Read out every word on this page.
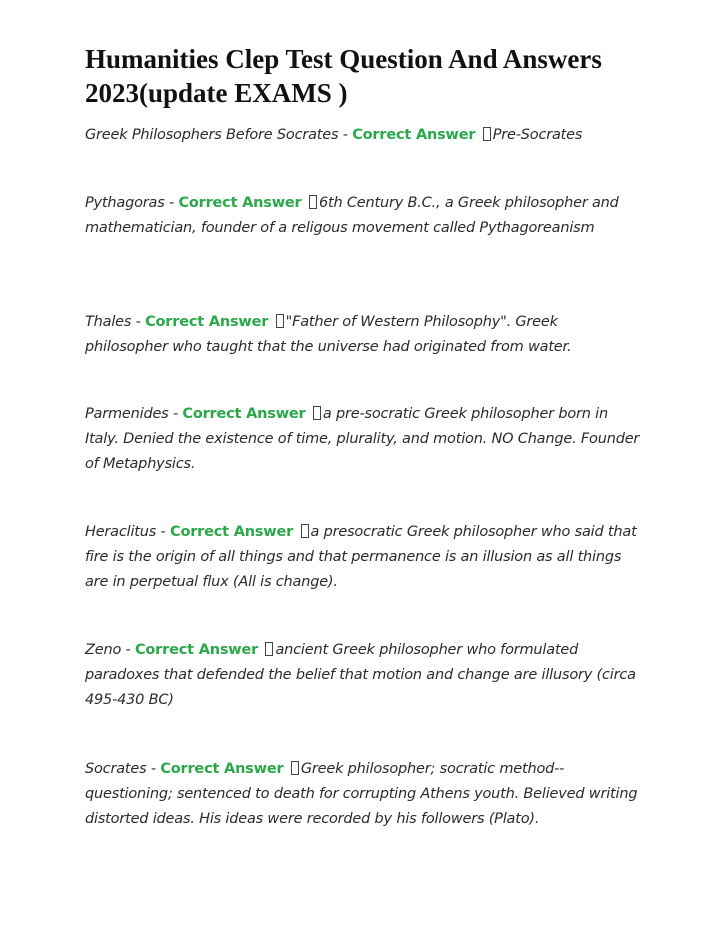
Humanities Clep Test Question And Answers 2023(update EXAMS )

Greek Philosophers Before Socrates - Correct Answer Pre-Socrates

Pythagoras - Correct Answer 6th Century B.C., a Greek philosopher and mathematician, founder of a religous movement called Pythagoreanism

Thales - Correct Answer "Father of Western Philosophy". Greek philosopher who taught that the universe had originated from water.

Parmenides - Correct Answer a pre-socratic Greek philosopher born in Italy. Denied the existence of time, plurality, and motion. NO Change. Founder of Metaphysics.

Heraclitus - Correct Answer a presocratic Greek philosopher who said that fire is the origin of all things and that permanence is an illusion as all things are in perpetual flux (All is change).

Zeno - Correct Answer ancient Greek philosopher who formulated paradoxes that defended the belief that motion and change are illusory (circa 495-430 BC)

Socrates - Correct Answer Greek philosopher; socratic method--questioning; sentenced to death for corrupting Athens youth. Believed writing distorted ideas. His ideas were recorded by his followers (Plato).
